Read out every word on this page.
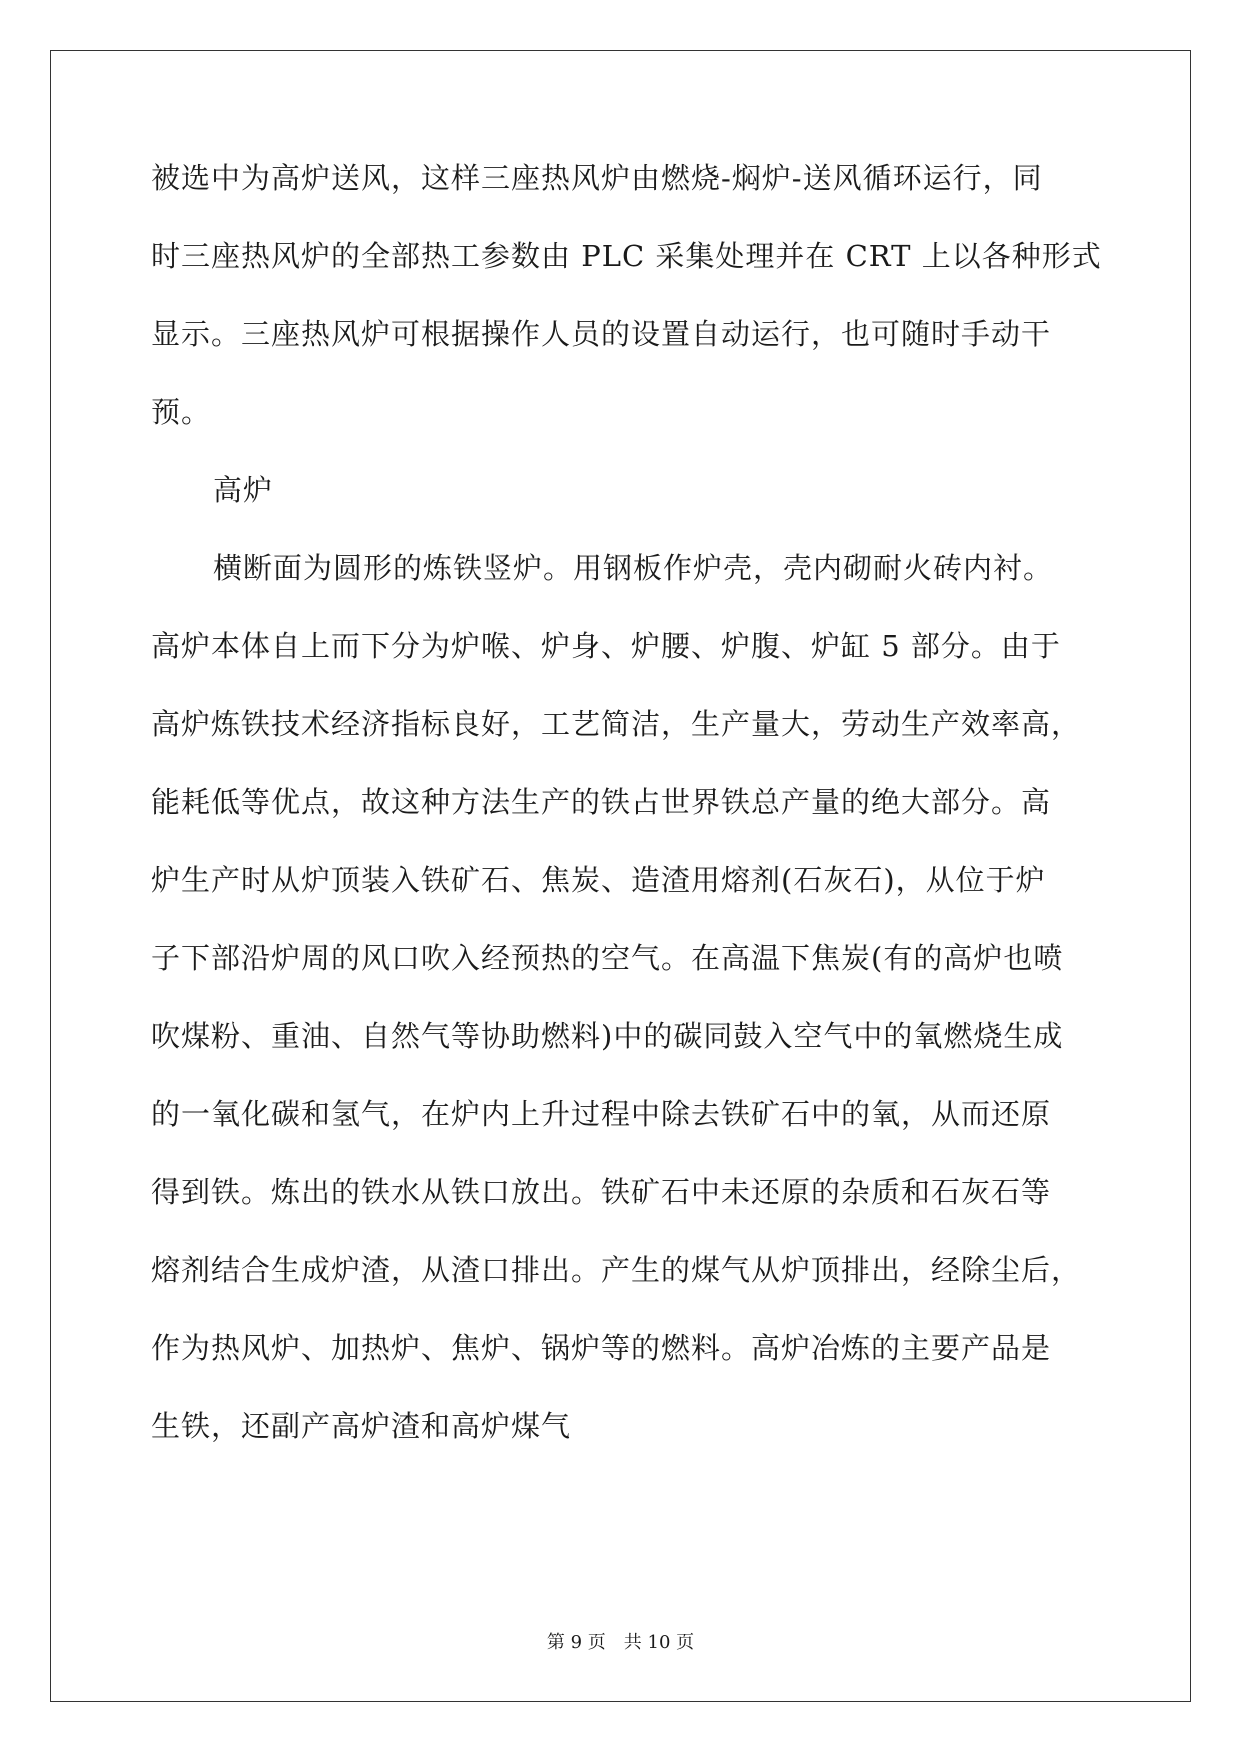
被选中为高炉送风，这样三座热风炉由燃烧-焖炉-送风循环运行，同
时三座热风炉的全部热工参数由 PLC 采集处理并在 CRT 上以各种形式
显示。三座热风炉可根据操作人员的设置自动运行，也可随时手动干
预。
高炉
横断面为圆形的炼铁竖炉。用钢板作炉壳，壳内砌耐火砖内衬。
高炉本体自上而下分为炉喉、炉身、炉腰、炉腹、炉缸 5 部分。由于
高炉炼铁技术经济指标良好，工艺简洁，生产量大，劳动生产效率高，
能耗低等优点，故这种方法生产的铁占世界铁总产量的绝大部分。高
炉生产时从炉顶装入铁矿石、焦炭、造渣用熔剂(石灰石)，从位于炉
子下部沿炉周的风口吹入经预热的空气。在高温下焦炭(有的高炉也喷
吹煤粉、重油、自然气等协助燃料)中的碳同鼓入空气中的氧燃烧生成
的一氧化碳和氢气，在炉内上升过程中除去铁矿石中的氧，从而还原
得到铁。炼出的铁水从铁口放出。铁矿石中未还原的杂质和石灰石等
熔剂结合生成炉渣，从渣口排出。产生的煤气从炉顶排出，经除尘后，
作为热风炉、加热炉、焦炉、锅炉等的燃料。高炉冶炼的主要产品是
生铁，还副产高炉渣和高炉煤气
第 9 页　共 10 页
